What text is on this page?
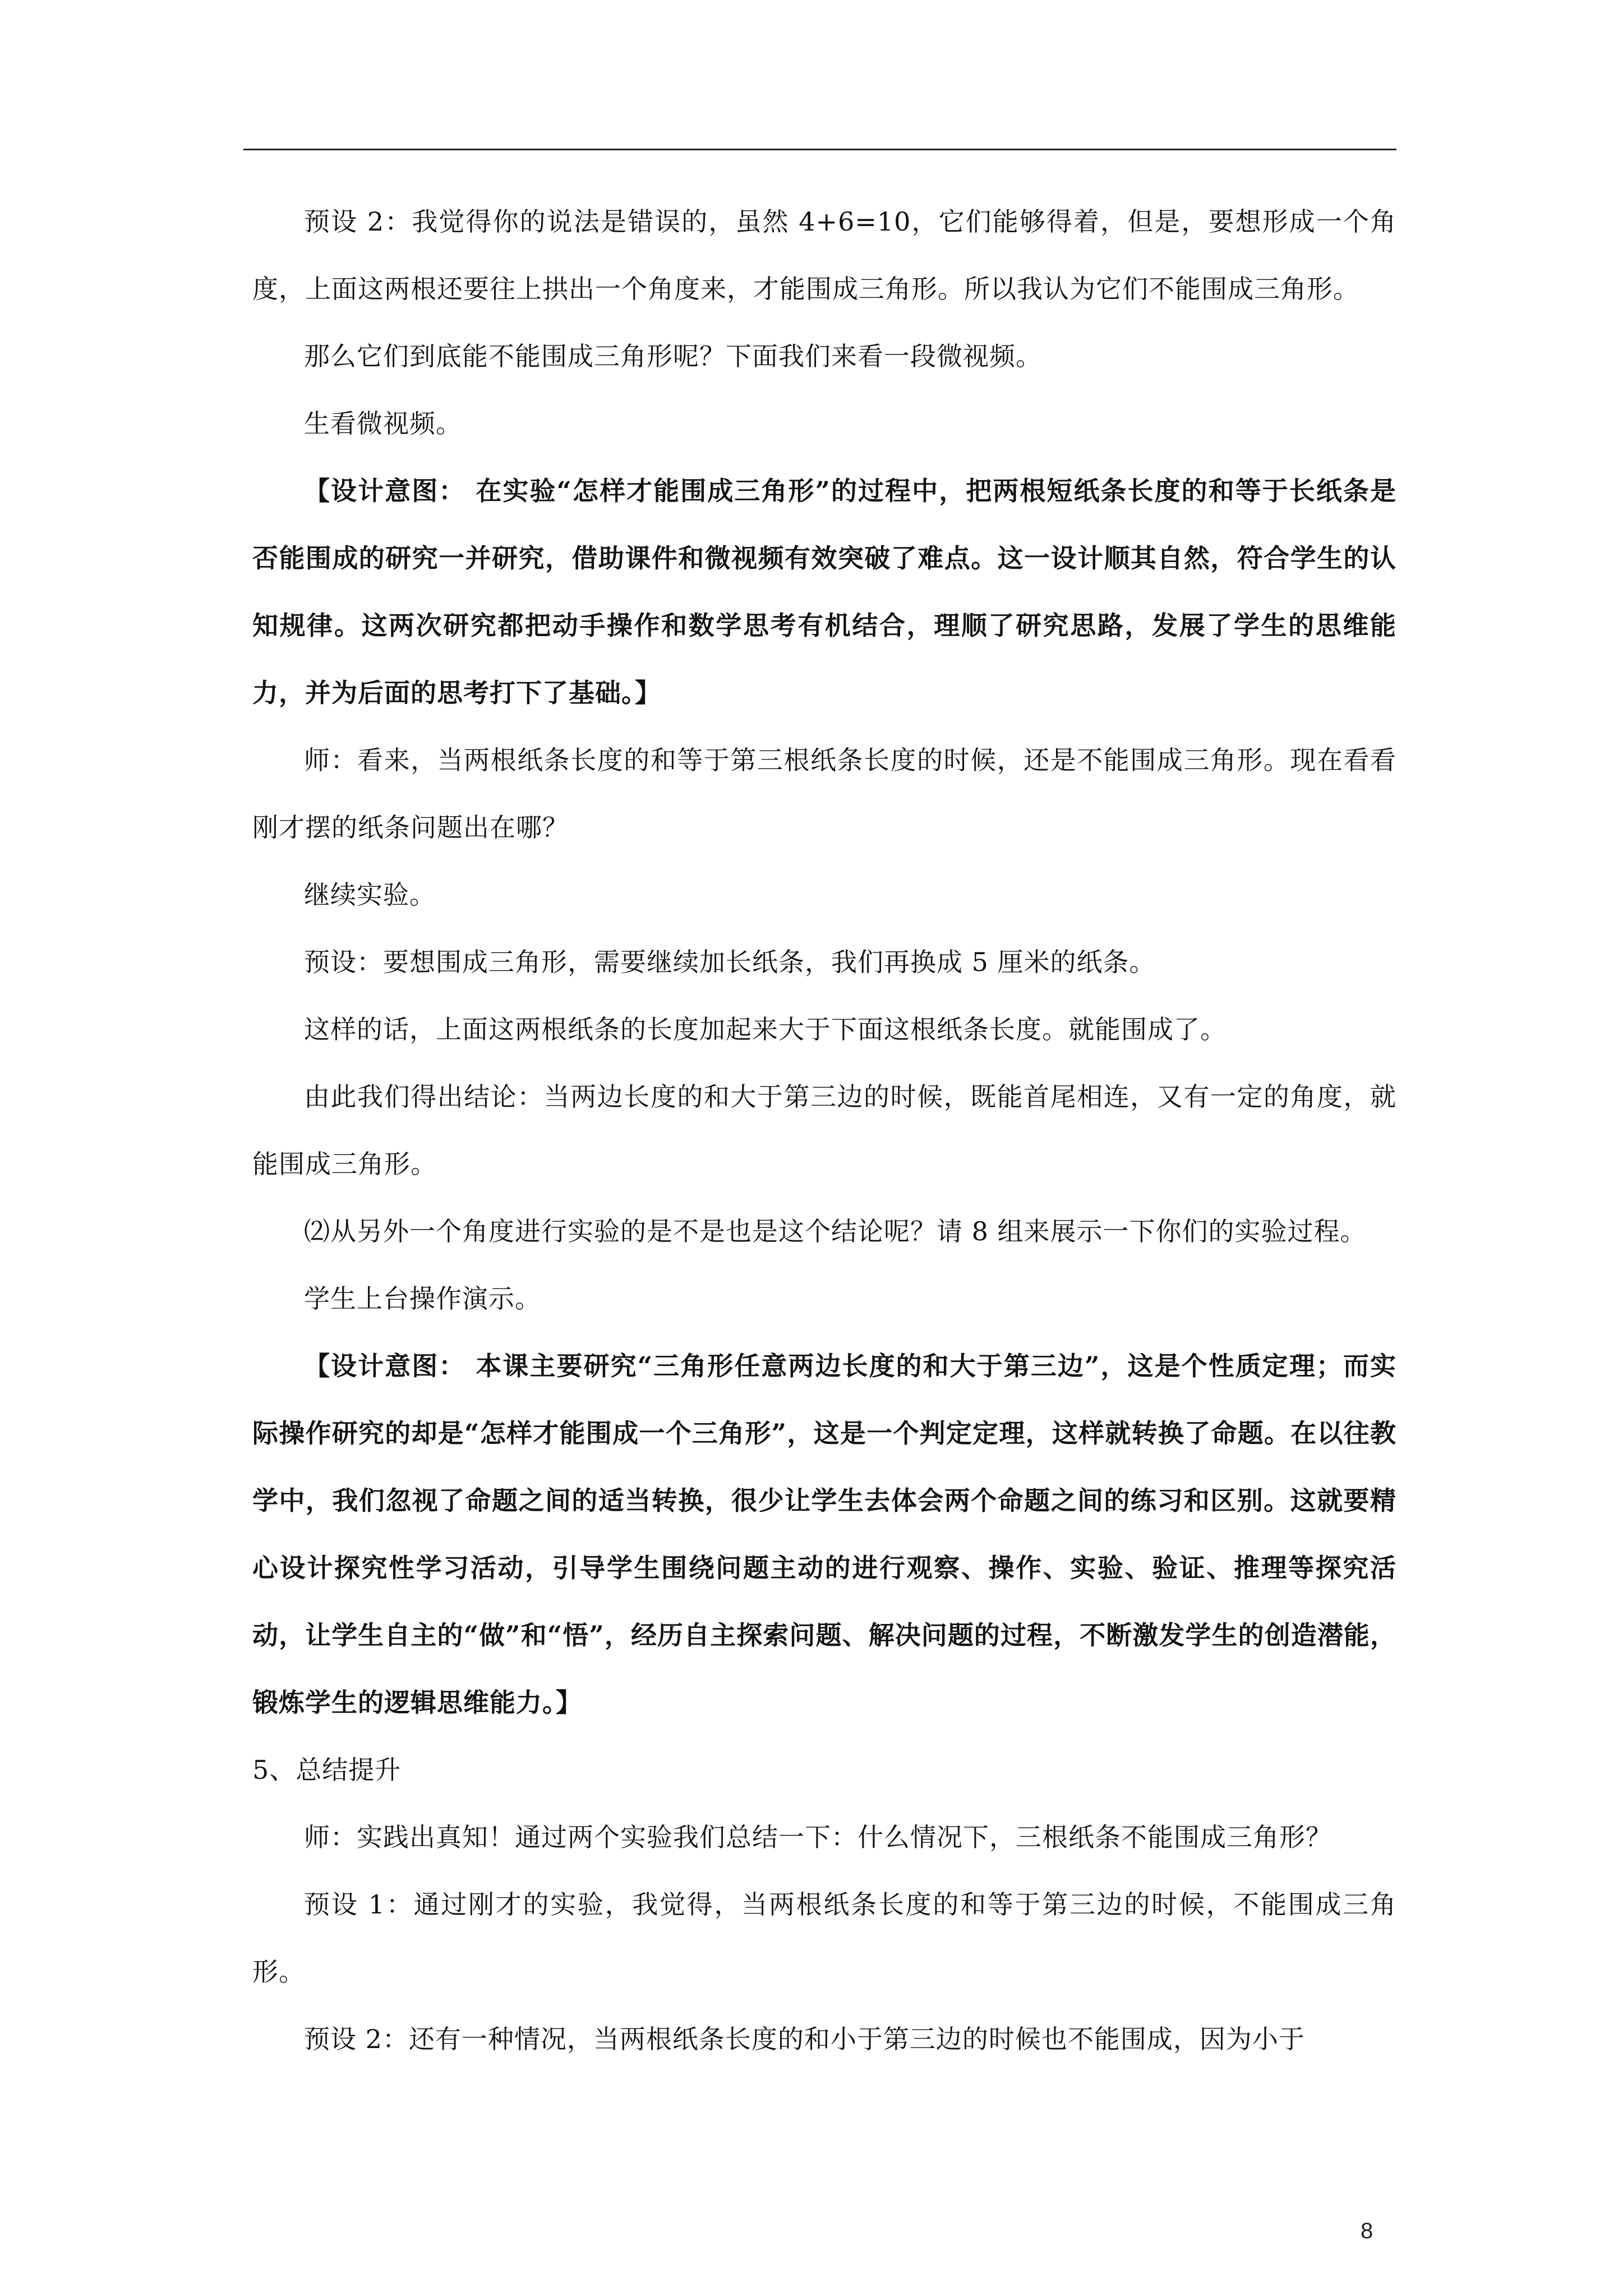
预设 2：我觉得你的说法是错误的，虽然 4+6=10，它们能够得着，但是，要想形成一个角度，上面这两根还要往上拱出一个角度来，才能围成三角形。所以我认为它们不能围成三角形。

那么它们到底能不能围成三角形呢？下面我们来看一段微视频。

生看微视频。

【设计意图： 在实验“怎样才能围成三角形”的过程中，把两根短纸条长度的和等于长纸条是否能围成的研究一并研究，借助课件和微视频有效突破了难点。这一设计顺其自然，符合学生的认知规律。这两次研究都把动手操作和数学思考有机结合，理顺了研究思路，发展了学生的思维能力，并为后面的思考打下了基础。】

师：看来，当两根纸条长度的和等于第三根纸条长度的时候，还是不能围成三角形。现在看看刚才摆的纸条问题出在哪？

继续实验。

预设：要想围成三角形，需要继续加长纸条，我们再换成 5 厘米的纸条。

这样的话，上面这两根纸条的长度加起来大于下面这根纸条长度。就能围成了。

由此我们得出结论：当两边长度的和大于第三边的时候，既能首尾相连，又有一定的角度，就能围成三角形。

⑵从另外一个角度进行实验的是不是也是这个结论呢？请 8 组来展示一下你们的实验过程。

学生上台操作演示。

【设计意图： 本课主要研究“三角形任意两边长度的和大于第三边”，这是个性质定理；而实际操作研究的却是“怎样才能围成一个三角形”，这是一个判定定理，这样就转换了命题。在以往教学中，我们忽视了命题之间的适当转换，很少让学生去体会两个命题之间的练习和区别。这就要精心设计探究性学习活动，引导学生围绕问题主动的进行观察、操作、实验、验证、推理等探究活动，让学生自主的“做”和“悟”，经历自主探索问题、解决问题的过程，不断激发学生的创造潜能，锻炼学生的逻辑思维能力。】

5、总结提升

师：实践出真知！通过两个实验我们总结一下：什么情况下，三根纸条不能围成三角形？

预设 1：通过刚才的实验，我觉得，当两根纸条长度的和等于第三边的时候，不能围成三角形。

预设 2：还有一种情况，当两根纸条长度的和小于第三边的时候也不能围成，因为小于

8
